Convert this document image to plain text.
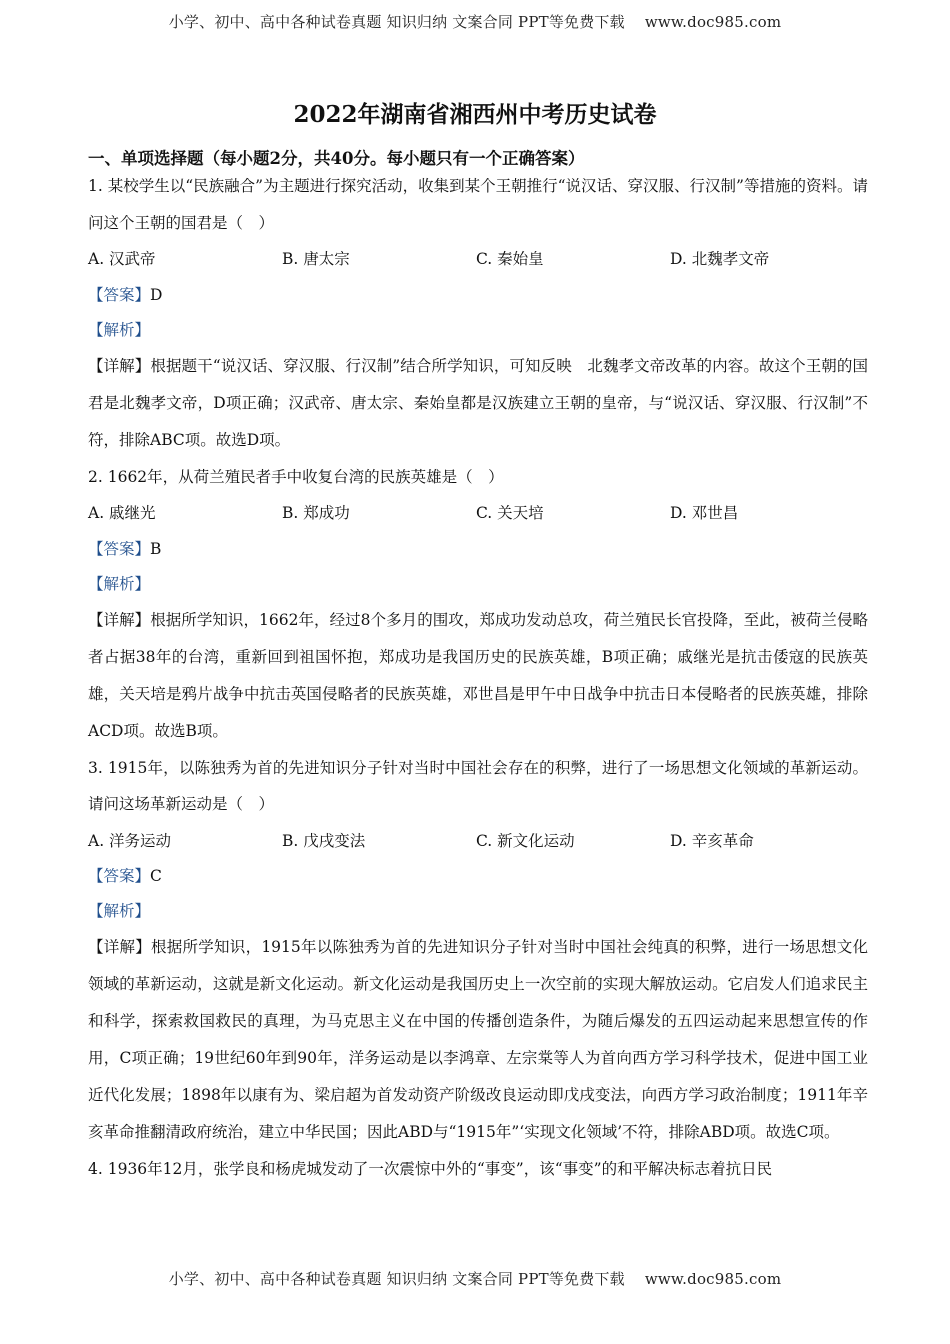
小学、初中、高中各种试卷真题 知识归纳 文案合同 PPT等免费下载 www.doc985.com
2022年湖南省湘西州中考历史试卷
一、单项选择题（每小题2分，共40分。每小题只有一个正确答案）

1. 某校学生以“民族融合”为主题进行探究活动，收集到某个王朝推行“说汉话、穿汉服、行汉制”等措施的资料。请问这个王朝的国君是（　）

A. 汉武帝	B. 唐太宗	C. 秦始皇	D. 北魏孝文帝

【答案】D

【解析】

【详解】根据题干“说汉话、穿汉服、行汉制”结合所学知识，可知反映　北魏孝文帝改革的内容。故这个王朝的国君是北魏孝文帝，D项正确；汉武帝、唐太宗、秦始皇都是汉族建立王朝的皇帝，与“说汉话、穿汉服、行汉制”不符，排除ABC项。故选D项。

2. 1662年，从荷兰殖民者手中收复台湾的民族英雄是（　）

A. 戚继光	B. 郑成功	C. 关天培	D. 邓世昌

【答案】B

【解析】

【详解】根据所学知识，1662年，经过8个多月的围攻，郑成功发动总攻，荷兰殖民长官投降，至此，被荷兰侵略者占据38年的台湾，重新回到祖国怀抱，郑成功是我国历史的民族英雄，B项正确；戚继光是抗击倭寇的民族英雄，关天培是鸦片战争中抗击英国侵略者的民族英雄，邓世昌是甲午中日战争中抗击日本侵略者的民族英雄，排除ACD项。故选B项。

3. 1915年，以陈独秀为首的先进知识分子针对当时中国社会存在的积弊，进行了一场思想文化领域的革新运动。请问这场革新运动是（　）

A. 洋务运动	B. 戊戌变法	C. 新文化运动	D. 辛亥革命

【答案】C

【解析】

【详解】根据所学知识，1915年以陈独秀为首的先进知识分子针对当时中国社会纯真的积弊，进行一场思想文化领域的革新运动，这就是新文化运动。新文化运动是我国历史上一次空前的实现大解放运动。它启发人们追求民主和科学，探索救国救民的真理，为马克思主义在中国的传播创造条件，为随后爆发的五四运动起来思想宣传的作用，C项正确；19世纪60年到90年，洋务运动是以李鸿章、左宗棠等人为首向西方学习科学技术，促进中国工业近代化发展；1898年以康有为、梁启超为首发动资产阶级改良运动即戊戌变法，向西方学习政治制度；1911年辛亥革命推翻清政府统治，建立中华民国；因此ABD与“1915年”‘实现文化领域’不符，排除ABD项。故选C项。

4. 1936年12月，张学良和杨虎城发动了一次震惊中外的“事变”，该“事变”的和平解决标志着抗日民

小学、初中、高中各种试卷真题 知识归纳 文案合同 PPT等免费下载 www.doc985.com
